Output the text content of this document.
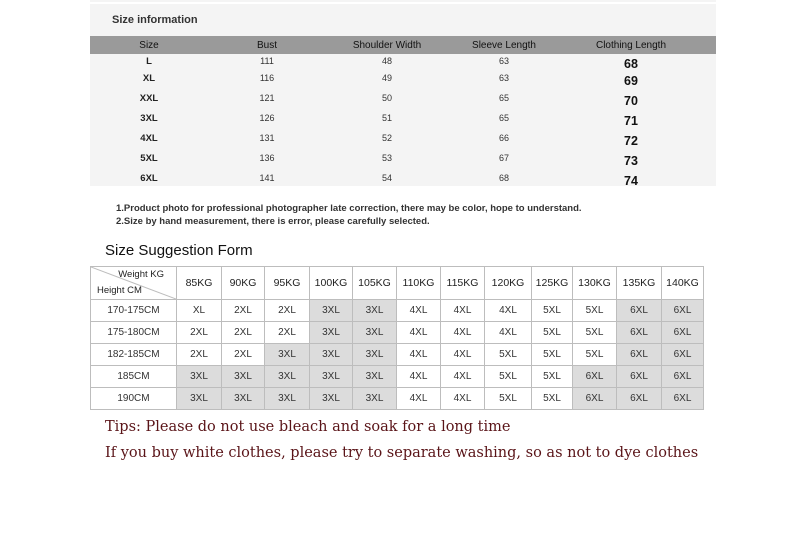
Size information
Size	Bust	Shoulder Width	Sleeve Length	Clothing Length
L	111	48	63	68
XL	116	49	63	69
XXL	121	50	65	70
3XL	126	51	65	71
4XL	131	52	66	72
5XL	136	53	67	73
6XL	141	54	68	74
1.Product photo for professional photographer late correction, there may be color, hope to understand.
2.Size by hand measurement, there is error, please carefully selected.
Size Suggestion Form
Weight KG
Height CM	85KG	90KG	95KG	100KG	105KG	110KG	115KG	120KG	125KG	130KG	135KG	140KG
170-175CM	XL	2XL	2XL	3XL	3XL	4XL	4XL	4XL	5XL	5XL	6XL	6XL
175-180CM	2XL	2XL	2XL	3XL	3XL	4XL	4XL	4XL	5XL	5XL	6XL	6XL
182-185CM	2XL	2XL	3XL	3XL	3XL	4XL	4XL	5XL	5XL	5XL	6XL	6XL
185CM	3XL	3XL	3XL	3XL	3XL	4XL	4XL	5XL	5XL	6XL	6XL	6XL
190CM	3XL	3XL	3XL	3XL	3XL	4XL	4XL	5XL	5XL	6XL	6XL	6XL
Tips: Please do not use bleach and soak for a long time
If you buy white clothes, please try to separate washing, so as not to dye clothes
